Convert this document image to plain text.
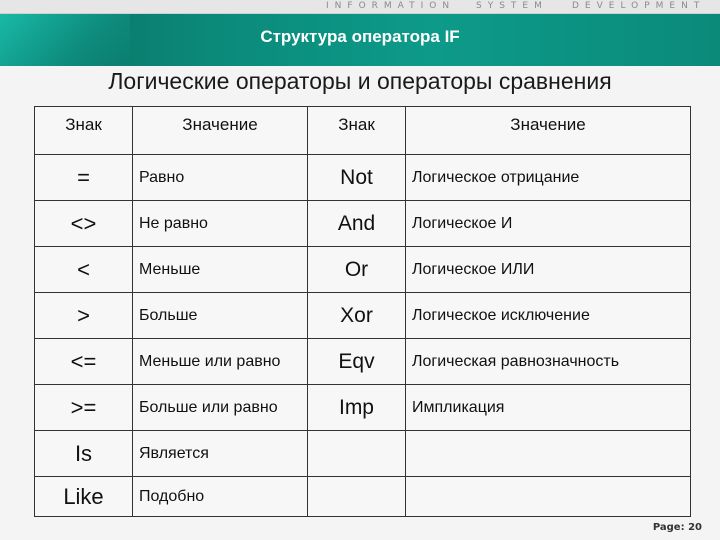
INFORMATION SYSTEM	DEVELOPMENT
Структура оператора IF
Логические операторы и операторы сравнения
Знак	Значение	Знак	Значение
=	Равно	Not	Логическое отрицание
<>	Не равно	And	Логическое И
<	Меньше	Or	Логическое ИЛИ
>	Больше	Xor	Логическое исключение
<=	Меньше или равно	Eqv	Логическая равнозначность
>=	Больше или равно	Imp	Импликация
Is	Является		
Like	Подобно		
Page: 20
